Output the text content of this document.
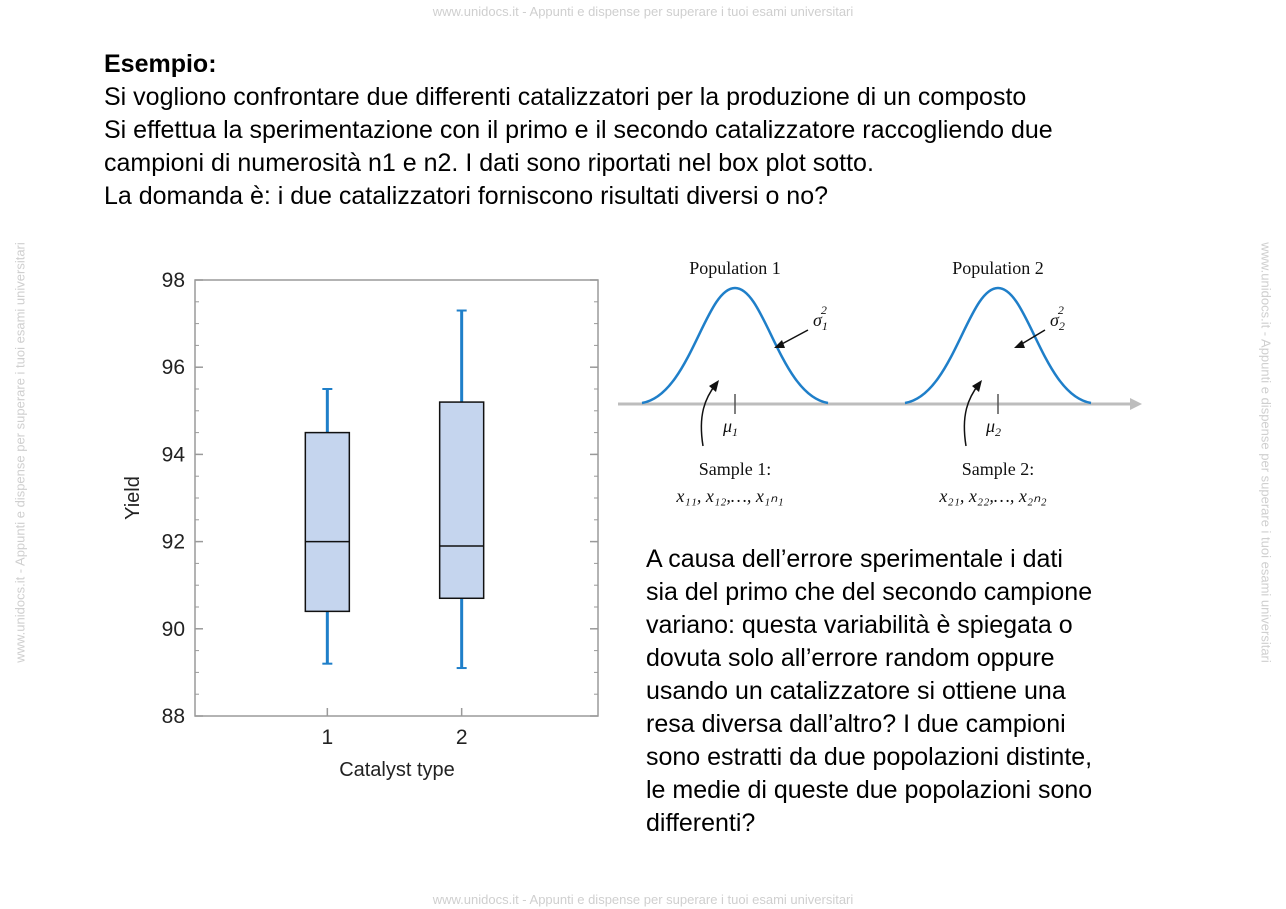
www.unidocs.it - Appunti e dispense per superare i tuoi esami universitari
www.unidocs.it - Appunti e dispense per superare i tuoi esami universitari
www.unidocs.it - Appunti e dispense per superare i tuoi esami universitari	www.unidocs.it - Appunti e dispense per superare i tuoi esami universitari
Esempio:
Si vogliono confrontare due differenti catalizzatori per la produzione di un composto
Si effettua la sperimentazione con il primo e il secondo catalizzatore raccogliendo due
campioni di numerosità n1 e n2. I dati sono riportati nel box plot sotto.
La domanda è: i due catalizzatori forniscono risultati diversi o no?
Yield
Catalyst type
88
90
92
94
96
98
1	2
Population 1	Population 2
$\sigma_12$	$\sigma_22$
$\mu_1$	$\mu_2$
Sample 1:	Sample 2:
x₁₁, x₁₂,…, x₁ₙ₁	x₂₁, x₂₂,…, x₂ₙ₂
A causa dell’errore sperimentale i dati
sia del primo che del secondo campione
variano: questa variabilità è spiegata o
dovuta solo all’errore random oppure
usando un catalizzatore si ottiene una
resa diversa dall’altro? I due campioni
sono estratti da due popolazioni distinte,
le medie di queste due popolazioni sono
differenti?
